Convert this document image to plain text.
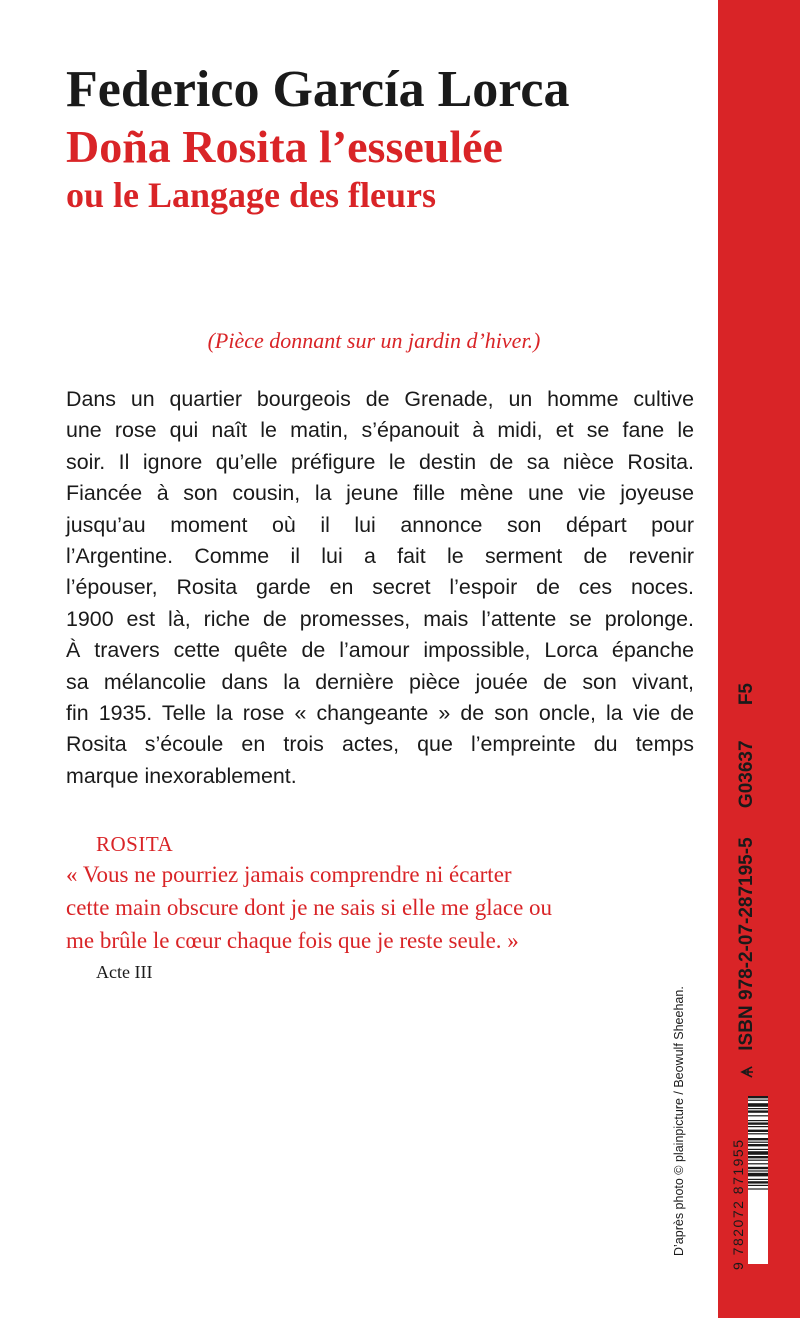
Federico García Lorca
Doña Rosita l’esseulée
ou le Langage des fleurs

(Pièce donnant sur un jardin d’hiver.)

Dans un quartier bourgeois de Grenade, un homme cultive
une rose qui naît le matin, s’épanouit à midi, et se fane le
soir. Il ignore qu’elle préfigure le destin de sa nièce Rosita.
Fiancée à son cousin, la jeune fille mène une vie joyeuse
jusqu’au moment où il lui annonce son départ pour
l’Argentine. Comme il lui a fait le serment de revenir
l’épouser, Rosita garde en secret l’espoir de ces noces.
1900 est là, riche de promesses, mais l’attente se prolonge.
À travers cette quête de l’amour impossible, Lorca épanche
sa mélancolie dans la dernière pièce jouée de son vivant,
fin 1935. Telle la rose « changeante » de son oncle, la vie de
Rosita s’écoule en trois actes, que l’empreinte du temps
marque inexorablement.
ROSITA
« Vous ne pourriez jamais comprendre ni écarter
cette main obscure dont je ne sais si elle me glace ou
me brûle le cœur chaque fois que je reste seule. »
Acte III
D’après photo © plainpicture / Beowulf Sheehan.	9 782072 871955
ISBN 978-2-07-287195-5 G03637 F5
